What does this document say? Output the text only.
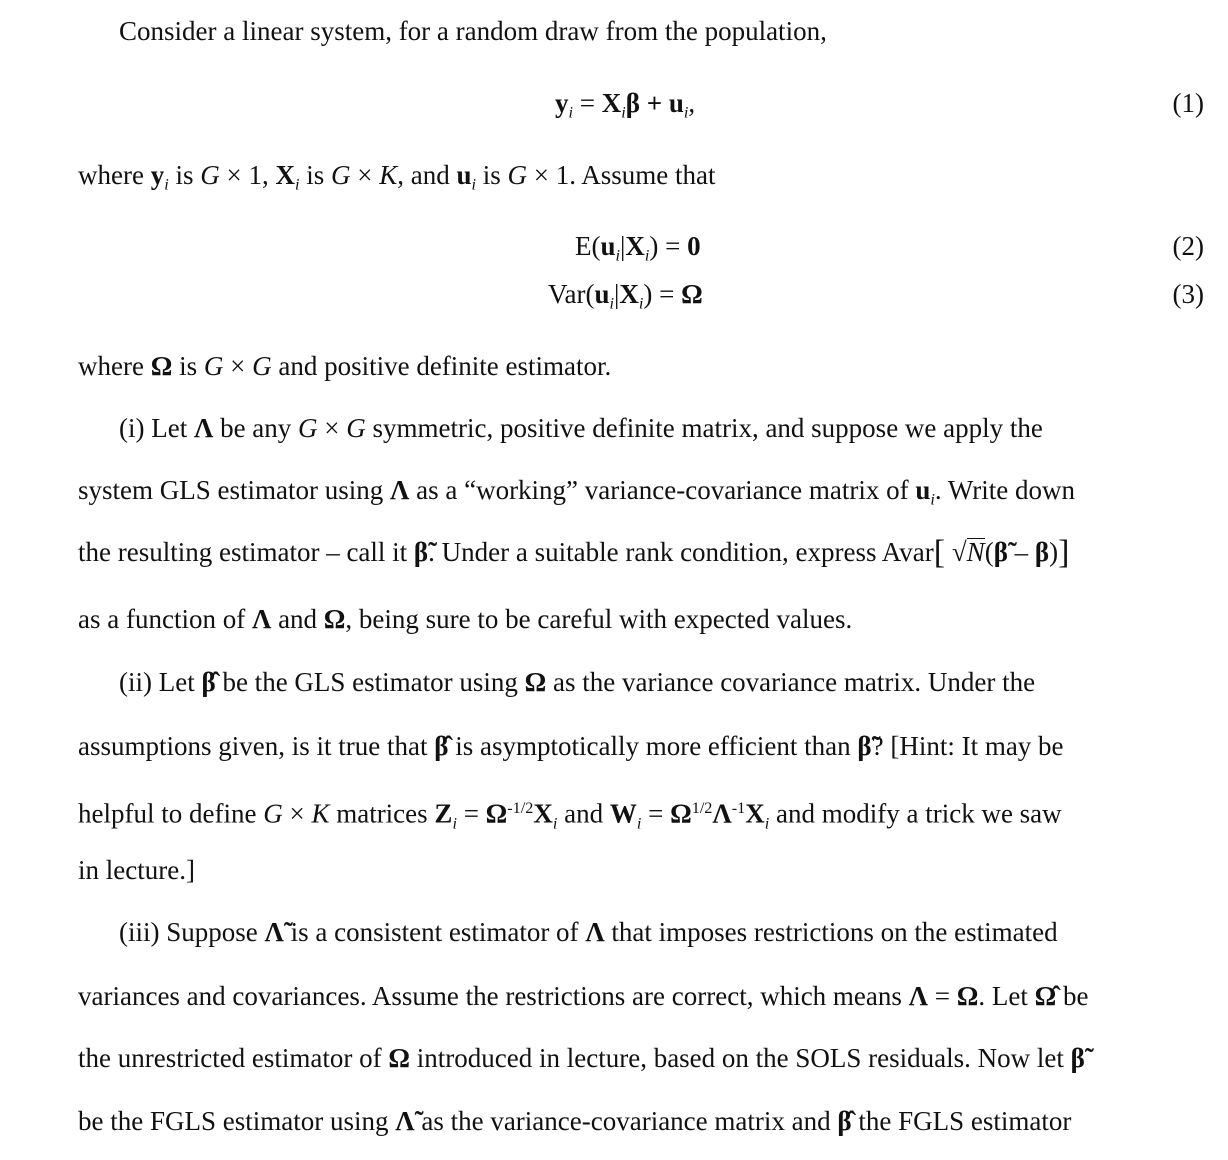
Consider a linear system, for a random draw from the population,
$y_i = X_i\beta + u_i$,	(1)
where $y_i$ is G × 1, $X_i$ is G × K, and $u_i$ is G × 1. Assume that
$E(u_i|X_i) = 0$	(2)
$Var(u_i|X_i) = \Omega$	(3)
where Ω is G × G and positive definite estimator.
(i) Let Λ be any G × G symmetric, positive definite matrix, and suppose we apply the
system GLS estimator using Λ as a “working” variance-covariance matrix of $u_i$. Write down
the resulting estimator – call it β̃. Under a suitable rank condition, express Avar[ √N(β̃ – β)]
as a function of Λ and Ω, being sure to be careful with expected values.
(ii) Let β̂ be the GLS estimator using Ω as the variance covariance matrix. Under the
assumptions given, is it true that β̂ is asymptotically more efficient than β̃? [Hint: It may be
helpful to define G × K matrices $Z_i = \Omega^{-1/2}X_i$ and $W_i = \Omega^{1/2}\Lambda^{-1}X_i$ and modify a trick we saw
in lecture.]
(iii) Suppose Λ̃ is a consistent estimator of Λ that imposes restrictions on the estimated
variances and covariances. Assume the restrictions are correct, which means Λ = Ω. Let Ω̂ be
the unrestricted estimator of Ω introduced in lecture, based on the SOLS residuals. Now let β̃
be the FGLS estimator using Λ̃ as the variance-covariance matrix and β̂ the FGLS estimator
